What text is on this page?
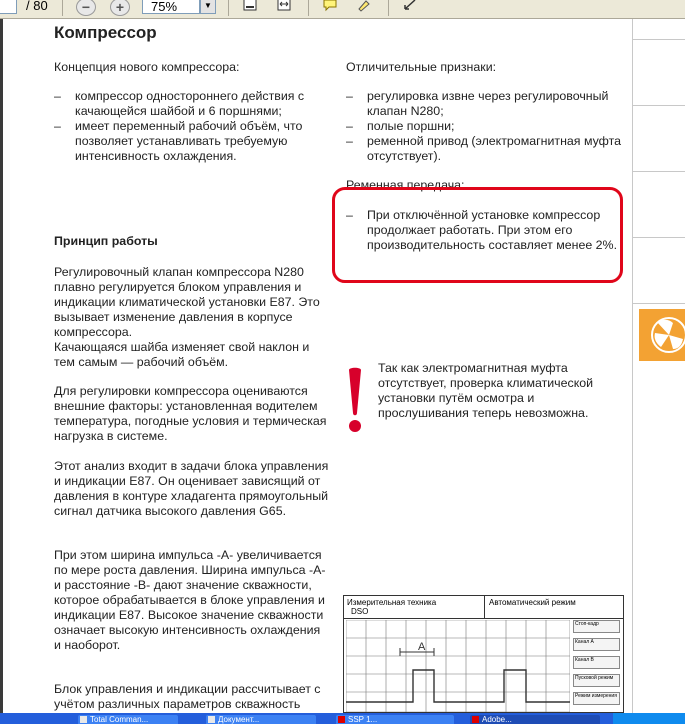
/ 80	−	+	75%	▼
Компрессор
Концепция нового компрессора:
– компрессор одностороннего действия с качающейся шайбой и 6 поршнями;
– имеет переменный рабочий объём, что позволяет устанавливать требуемую интенсивность охлаждения.
Принцип работы
Регулировочный клапан компрессора N280 плавно регулируется блоком управления и индикации климатической установки E87. Это вызывает изменение давления в корпусе компрессора.
Качающаяся шайба изменяет свой наклон и тем самым — рабочий объём.
Для регулировки компрессора оцениваются внешние факторы: установленная водителем температура, погодные условия и термическая нагрузка в системе.
Этот анализ входит в задачи блока управления и индикации E87. Он оценивает зависящий от давления в контуре хладагента прямоугольный сигнал датчика высокого давления G65.
При этом ширина импульса -A- увеличивается по мере роста давления. Ширина импульса -A- и расстояние -B- дают значение скважности, которое обрабатывается в блоке управления и индикации E87. Высокое значение скважности означает высокую интенсивность охлаждения и наоборот.
Блок управления и индикации рассчитывает с учётом различных параметров скважность
Отличительные признаки:
– регулировка извне через регулировочный клапан N280;
– полые поршни;
– ременной привод (электромагнитная муфта отсутствует).
Ременная передача:
– При отключённой установке компрессор продолжает работать. При этом его производительность составляет менее 2%.
Так как электромагнитная муфта отсутствует, проверка климатической установки путём осмотра и прослушивания теперь невозможна.
Измерительная техника
DSO
Автоматический режим
A
Стоп-кадр
Канал A
Канал B
Пусковой режим
Режим измерения
Total Comman...	Документ...	SSP 1...	Adobe...
